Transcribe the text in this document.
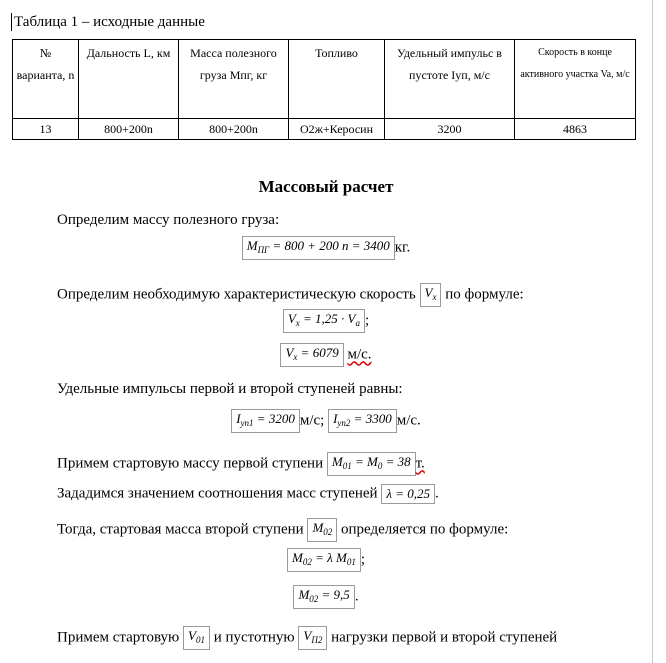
Таблица 1 – исходные данные
№ варианта, n	Дальность L, км	Масса полезного груза Мпг, кг	Топливо	Удельный импульс в пустоте Iуп, м/с	Скорость в конце активного участка Va, м/с
13	800+200n	800+200n	О2ж+Керосин	3200	4863
Массовый расчет
Определим массу полезного груза:
$M_{ПГ} = 800 + 200$ n = 3400 кг.
Определим необходимую характеристическую скорость $V_x$ по формуле:
$V_x = 1,25 \cdot V_a$ ;
$V_x = 6079$ м/с.
Удельные импульсы первой и второй ступеней равны:
$I_{уп1} = 3200$ м/с; $I_{уп2} = 3300$ м/с.
Примем стартовую массу первой ступени $M_{01} = M_0 = 38$ т.
Зададимся значением соотношения масс ступеней λ = 0,25 .
Тогда, стартовая масса второй ступени $M_{02}$ определяется по формуле:
$M_{02} = \lambda$ $M_{01}$ ;
$M_{02} = 9,5$ .
Примем стартовую $V_{01}$ и пустотную $V_{П2}$ нагрузки первой и второй ступеней
